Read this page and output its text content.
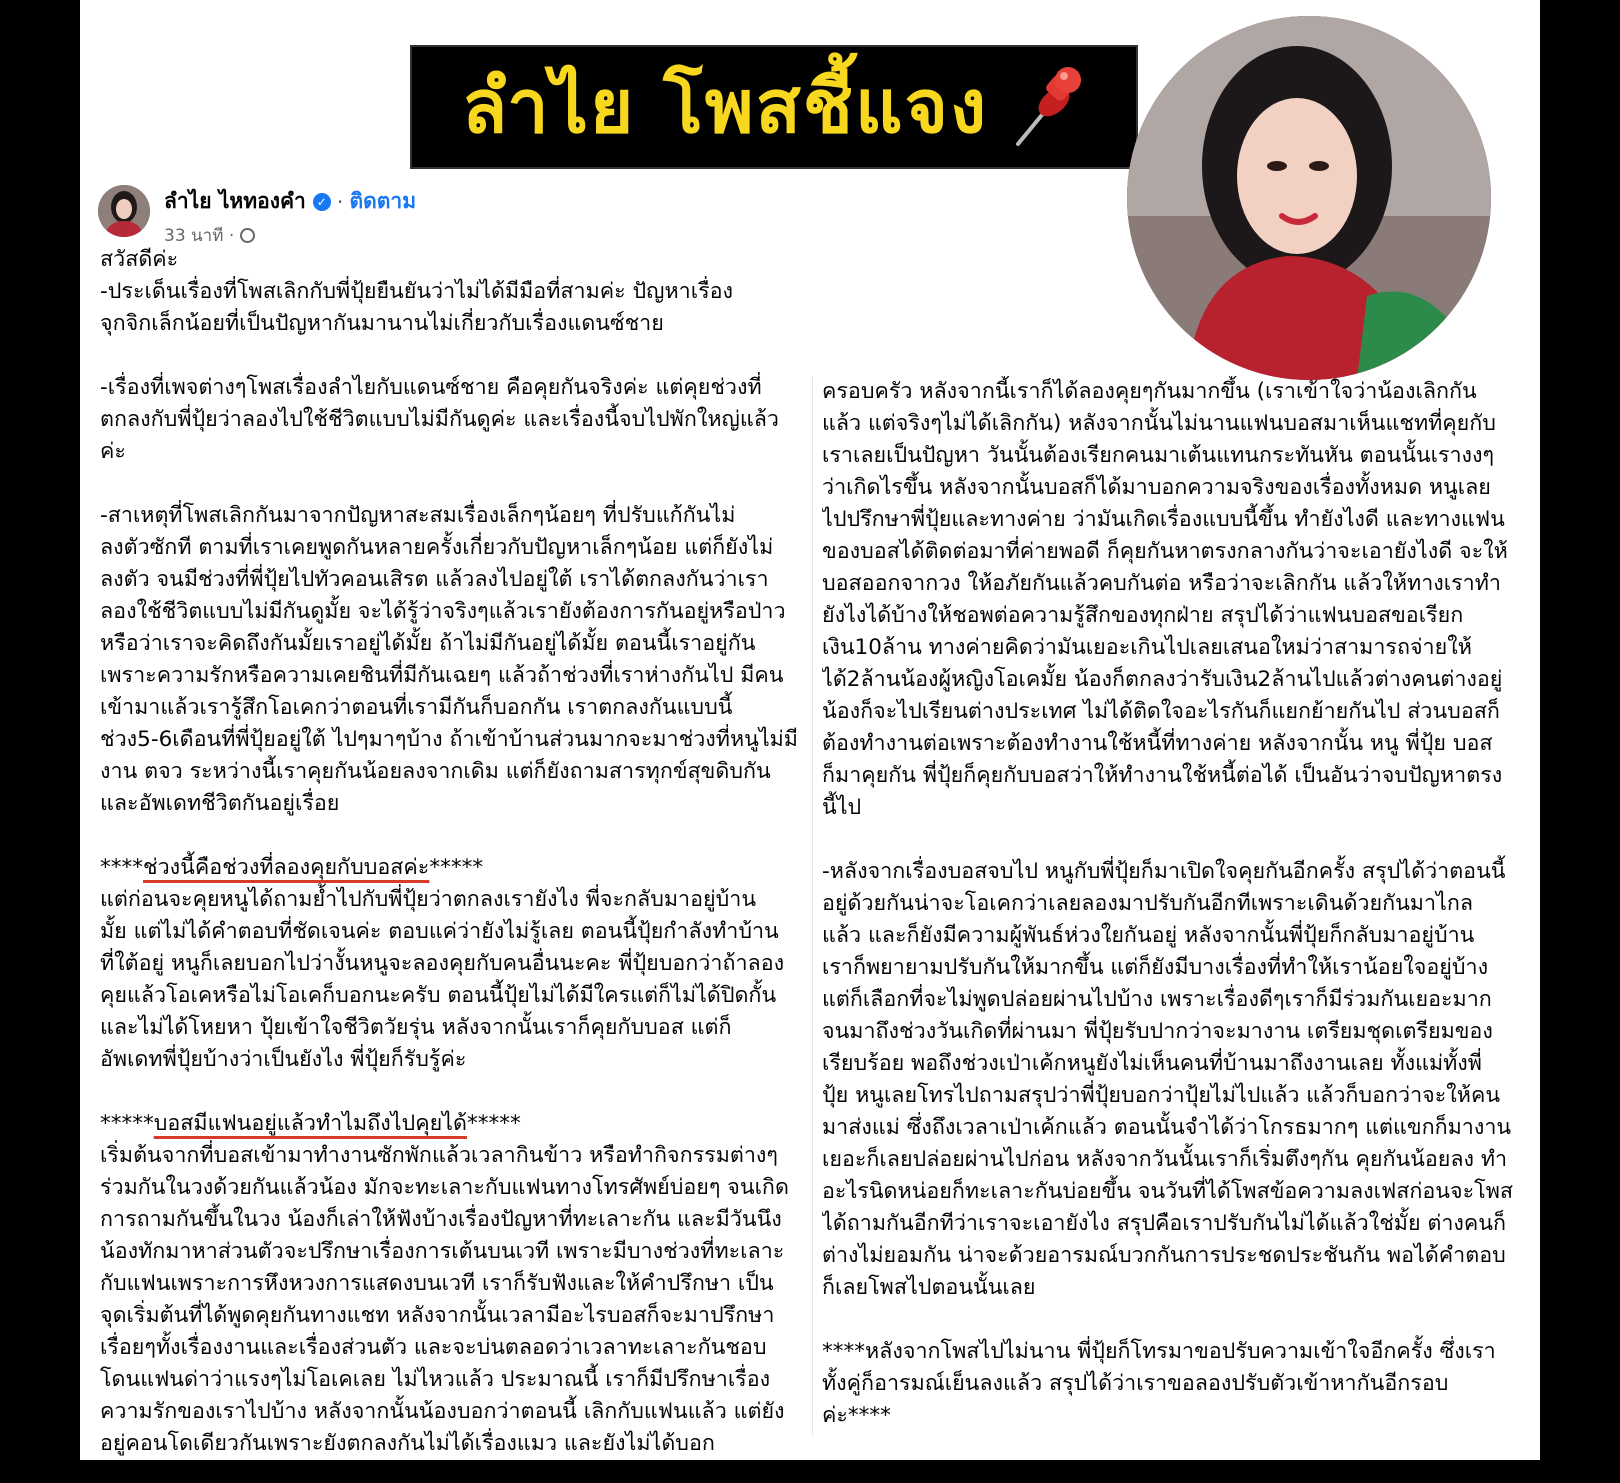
ลำไย โพสชี้แจง
ลำไย ไหทองคำ ✓ · ติดตาม
33 นาที ·

สวัสดีค่ะ

-ประเด็นเรื่องที่โพสเลิกกับพี่ปุ้ยยืนยันว่าไม่ได้มีมือที่สามค่ะ ปัญหาเรื่อง

จุกจิกเล็กน้อยที่เป็นปัญหากันมานานไม่เกี่ยวกับเรื่องแดนซ์ชาย

-เรื่องที่เพจต่างๆโพสเรื่องลำไยกับแดนซ์ชาย คือคุยกันจริงค่ะ แต่คุยช่วงที่

ตกลงกับพี่ปุ้ยว่าลองไปใช้ชีวิตแบบไม่มีกันดูค่ะ และเรื่องนี้จบไปพักใหญ่แล้ว

ค่ะ

-สาเหตุที่โพสเลิกกันมาจากปัญหาสะสมเรื่องเล็กๆน้อยๆ ที่ปรับแก้กันไม่

ลงตัวซักที ตามที่เราเคยพูดกันหลายครั้งเกี่ยวกับปัญหาเล็กๆน้อย แต่ก็ยังไม่

ลงตัว จนมีช่วงที่พี่ปุ้ยไปทัวคอนเสิรต แล้วลงไปอยู่ใต้ เราได้ตกลงกันว่าเรา

ลองใช้ชีวิตแบบไม่มีกันดูมั้ย จะได้รู้ว่าจริงๆแล้วเรายังต้องการกันอยู่หรือป่าว

หรือว่าเราจะคิดถึงกันมั้ยเราอยู่ได้มั้ย ถ้าไม่มีกันอยู่ได้มั้ย ตอนนี้เราอยู่กัน

เพราะความรักหรือความเคยชินที่มีกันเฉยๆ แล้วถ้าช่วงที่เราห่างกันไป มีคน

เข้ามาแล้วเรารู้สึกโอเคกว่าตอนที่เรามีกันก็บอกกัน เราตกลงกันแบบนี้

ช่วง5-6เดือนที่พี่ปุ้ยอยู่ใต้ ไปๆมาๆบ้าง ถ้าเข้าบ้านส่วนมากจะมาช่วงที่หนูไม่มี

งาน ตจว ระหว่างนี้เราคุยกันน้อยลงจากเดิม แต่ก็ยังถามสารทุกข์สุขดิบกัน

และอัพเดทชีวิตกันอยู่เรื่อย

****ช่วงนี้คือช่วงที่ลองคุยกับบอสค่ะ*****

แต่ก่อนจะคุยหนูได้ถามย้ำไปกับพี่ปุ้ยว่าตกลงเรายังไง พี่จะกลับมาอยู่บ้าน

มั้ย แต่ไม่ได้คำตอบที่ชัดเจนค่ะ ตอบแค่ว่ายังไม่รู้เลย ตอนนี้ปุ้ยกำลังทำบ้าน

ที่ใต้อยู่ หนูก็เลยบอกไปว่างั้นหนูจะลองคุยกับคนอื่นนะคะ พี่ปุ้ยบอกว่าถ้าลอง

คุยแล้วโอเคหรือไม่โอเคก็บอกนะครับ ตอนนี้ปุ้ยไม่ได้มีใครแต่ก็ไม่ได้ปิดกั้น

และไม่ได้โหยหา ปุ้ยเข้าใจชีวิตวัยรุ่น หลังจากนั้นเราก็คุยกับบอส แต่ก็

อัพเดทพี่ปุ้ยบ้างว่าเป็นยังไง พี่ปุ้ยก็รับรู้ค่ะ

*****บอสมีแฟนอยู่แล้วทำไมถึงไปคุยได้*****

เริ่มต้นจากที่บอสเข้ามาทำงานซักพักแล้วเวลากินข้าว หรือทำกิจกรรมต่างๆ

ร่วมกันในวงด้วยกันแล้วน้อง มักจะทะเลาะกับแฟนทางโทรศัพย์บ่อยๆ จนเกิด

การถามกันขึ้นในวง น้องก็เล่าให้ฟังบ้างเรื่องปัญหาที่ทะเลาะกัน และมีวันนึง

น้องทักมาหาส่วนตัวจะปรึกษาเรื่องการเต้นบนเวที เพราะมีบางช่วงที่ทะเลาะ

กับแฟนเพราะการหึงหวงการแสดงบนเวที เราก็รับฟังและให้คำปรึกษา เป็น

จุดเริ่มต้นที่ได้พูดคุยกันทางแชท หลังจากนั้นเวลามีอะไรบอสก็จะมาปรึกษา

เรื่อยๆทั้งเรื่องงานและเรื่องส่วนตัว และจะบ่นตลอดว่าเวลาทะเลาะกันชอบ

โดนแฟนด่าว่าแรงๆไม่โอเคเลย ไม่ไหวแล้ว ประมาณนี้ เราก็มีปรึกษาเรื่อง

ความรักของเราไปบ้าง หลังจากนั้นน้องบอกว่าตอนนี้ เลิกกับแฟนแล้ว แต่ยัง

อยู่คอนโดเดียวกันเพราะยังตกลงกันไม่ได้เรื่องแมว และยังไม่ได้บอก

ครอบครัว หลังจากนี้เราก็ได้ลองคุยๆกันมากขึ้น (เราเข้าใจว่าน้องเลิกกัน

แล้ว แต่จริงๆไม่ได้เลิกกัน) หลังจากนั้นไม่นานแฟนบอสมาเห็นแชทที่คุยกับ

เราเลยเป็นปัญหา วันนั้นต้องเรียกคนมาเต้นแทนกระทันหัน ตอนนั้นเรางงๆ

ว่าเกิดไรขึ้น หลังจากนั้นบอสก็ได้มาบอกความจริงของเรื่องทั้งหมด หนูเลย

ไปปรึกษาพี่ปุ้ยและทางค่าย ว่ามันเกิดเรื่องแบบนี้ขึ้น ทำยังไงดี และทางแฟน

ของบอสได้ติดต่อมาที่ค่ายพอดี ก็คุยกันหาตรงกลางกันว่าจะเอายังไงดี จะให้

บอสออกจากวง ให้อภัยกันแล้วคบกันต่อ หรือว่าจะเลิกกัน แล้วให้ทางเราทำ

ยังไงได้บ้างให้ชอพต่อความรู้สึกของทุกฝ่าย สรุปได้ว่าแฟนบอสขอเรียก

เงิน10ล้าน ทางค่ายคิดว่ามันเยอะเกินไปเลยเสนอใหม่ว่าสามารถจ่ายให้

ได้2ล้านน้องผู้หญิงโอเคมั้ย น้องก็ตกลงว่ารับเงิน2ล้านไปแล้วต่างคนต่างอยู่

น้องก็จะไปเรียนต่างประเทศ ไม่ได้ติดใจอะไรกันก็แยกย้ายกันไป ส่วนบอสก็

ต้องทำงานต่อเพราะต้องทำงานใช้หนี้ที่ทางค่าย หลังจากนั้น หนู พี่ปุ้ย บอส

ก็มาคุยกัน พี่ปุ้ยก็คุยกับบอสว่าให้ทำงานใช้หนี้ต่อได้ เป็นอันว่าจบปัญหาตรง

นี้ไป

-หลังจากเรื่องบอสจบไป หนูกับพี่ปุ้ยก็มาเปิดใจคุยกันอีกครั้ง สรุปได้ว่าตอนนี้

อยู่ด้วยกันน่าจะโอเคกว่าเลยลองมาปรับกันอีกทีเพราะเดินด้วยกันมาไกล

แล้ว และก็ยังมีความผู้พันธ์ห่วงใยกันอยู่ หลังจากนั้นพี่ปุ้ยก็กลับมาอยู่บ้าน

เราก็พยายามปรับกันให้มากขึ้น แต่ก็ยังมีบางเรื่องที่ทำให้เราน้อยใจอยู่บ้าง

แต่ก็เลือกที่จะไม่พูดปล่อยผ่านไปบ้าง เพราะเรื่องดีๆเราก็มีร่วมกันเยอะมาก

จนมาถึงช่วงวันเกิดที่ผ่านมา พี่ปุ้ยรับปากว่าจะมางาน เตรียมชุดเตรียมของ

เรียบร้อย พอถึงช่วงเป่าเค้กหนูยังไม่เห็นคนที่บ้านมาถึงงานเลย ทั้งแม่ทั้งพี่

ปุ้ย หนูเลยโทรไปถามสรุปว่าพี่ปุ้ยบอกว่าปุ้ยไม่ไปแล้ว แล้วก็บอกว่าจะให้คน

มาส่งแม่ ซึ่งถึงเวลาเป่าเค้กแล้ว ตอนนั้นจำได้ว่าโกรธมากๆ แต่แขกก็มางาน

เยอะก็เลยปล่อยผ่านไปก่อน หลังจากวันนั้นเราก็เริ่มตึงๆกัน คุยกันน้อยลง ทำ

อะไรนิดหน่อยก็ทะเลาะกันบ่อยขึ้น จนวันที่ได้โพสข้อความลงเฟสก่อนจะโพส

ได้ถามกันอีกทีว่าเราจะเอายังไง สรุปคือเราปรับกันไม่ได้แล้วใช่มั้ย ต่างคนก็

ต่างไม่ยอมกัน น่าจะด้วยอารมณ์บวกกันการประชดประชันกัน พอได้คำตอบ

ก็เลยโพสไปตอนนั้นเลย

****หลังจากโพสไปไม่นาน พี่ปุ้ยก็โทรมาขอปรับความเข้าใจอีกครั้ง ซึ่งเรา

ทั้งคู่ก็อารมณ์เย็นลงแล้ว สรุปได้ว่าเราขอลองปรับตัวเข้าหากันอีกรอบ

ค่ะ****
